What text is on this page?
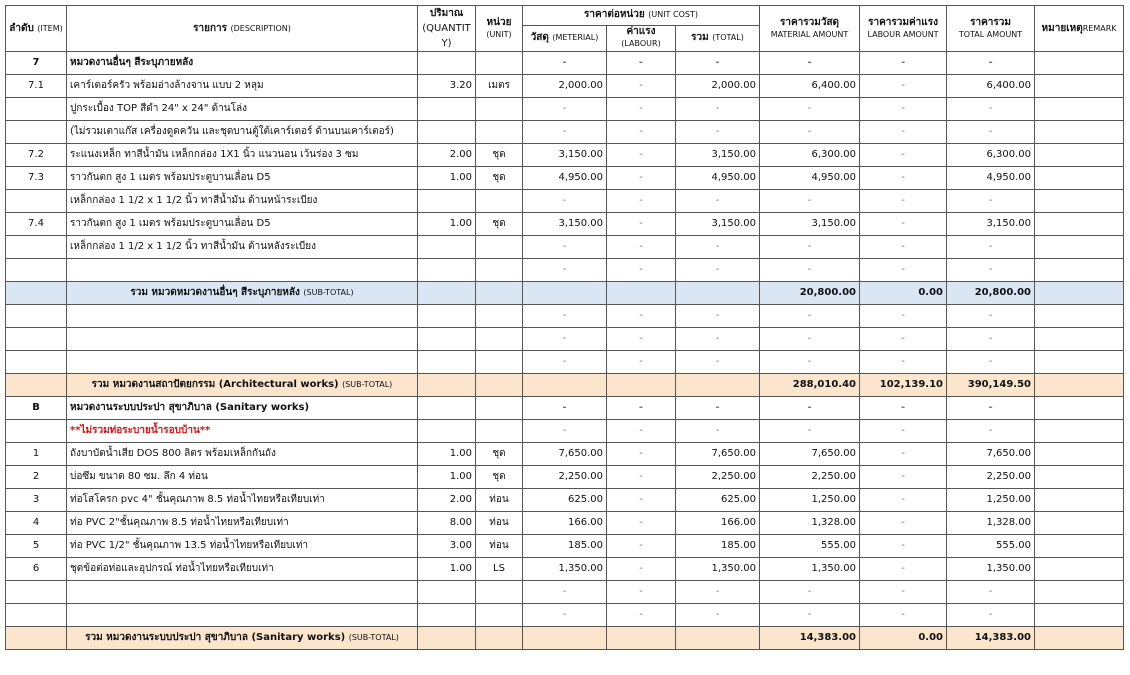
ลำดับ (ITEM)	รายการ (DESCRIPTION)	ปริมาณ
(QUANTIT
Y)	หน่วย
(UNIT)	ราคาต่อหน่วย (UNIT COST)			ราคารวมวัสดุ
MATERIAL AMOUNT	ราคารวมค่าแรง
LABOUR AMOUNT	ราคารวม
TOTAL AMOUNT	หมายเหตุREMARK
				วัสดุ (METERIAL)	ค่าแรง
(LABOUR)	รวม (TOTAL)				
7	หมวดงานอื่นๆ สีระบุภายหลัง			-	-	-	-	-	-	
7.1	เคาร์เตอร์ครัว พร้อมอ่างล้างจาน แบบ 2 หลุม	3.20	เมตร	2,000.00	-	2,000.00	6,400.00	-	6,400.00	
	ปูกระเบื้อง TOP สีดำ 24" x 24" ด้านโล่ง			-	-	-	-	-	-	
	(ไม่รวมเตาแก๊ส เครื่องดูดควัน และชุดบานตู้ใต้เคาร์เตอร์ ด้านบนเคาร์เตอร์)			-	-	-	-	-	-	
7.2	ระแนงเหล็ก ทาสีน้ำมัน เหล็กกล่อง 1X1 นิ้ว แนวนอน เว้นร่อง 3 ซม	2.00	ชุด	3,150.00	-	3,150.00	6,300.00	-	6,300.00	
7.3	ราวกันตก สูง 1 เมตร พร้อมประตูบานเลื่อน D5	1.00	ชุด	4,950.00	-	4,950.00	4,950.00	-	4,950.00	
	เหล็กกล่อง 1 1/2 x 1 1/2 นิ้ว ทาสีน้ำมัน ด้านหน้าระเบียง			-	-	-	-	-	-	
7.4	ราวกันตก สูง 1 เมตร พร้อมประตูบานเลื่อน D5	1.00	ชุด	3,150.00	-	3,150.00	3,150.00	-	3,150.00	
	เหล็กกล่อง 1 1/2 x 1 1/2 นิ้ว ทาสีน้ำมัน ด้านหลังระเบียง			-	-	-	-	-	-	
				-	-	-	-	-	-	
	รวม หมวดหมวดงานอื่นๆ สีระบุภายหลัง (SUB-TOTAL)						20,800.00	0.00	20,800.00	
				-	-	-	-	-	-	
				-	-	-	-	-	-	
				-	-	-	-	-	-	
	รวม หมวดงานสถาปัตยกรรม (Architectural works) (SUB-TOTAL)						288,010.40	102,139.10	390,149.50	
B	หมวดงานระบบประปา สุขาภิบาล (Sanitary works)			-	-	-	-	-	-	
	**ไม่รวมท่อระบายน้ำรอบบ้าน**			-	-	-	-	-	-	
1	ถังบาบัดน้ำเสีย DOS 800 ลิตร พร้อมเหล็กกันถัง	1.00	ชุด	7,650.00	-	7,650.00	7,650.00	-	7,650.00	
2	บ่อซึม ขนาด 80 ซม. ลึก 4 ท่อน	1.00	ชุด	2,250.00	-	2,250.00	2,250.00	-	2,250.00	
3	ท่อโสโครก pvc 4" ชั้นคุณภาพ 8.5 ท่อน้ำไทยหรือเทียบเท่า	2.00	ท่อน	625.00	-	625.00	1,250.00	-	1,250.00	
4	ท่อ PVC 2"ชั้นคุณภาพ 8.5 ท่อน้ำไทยหรือเทียบเท่า	8.00	ท่อน	166.00	-	166.00	1,328.00	-	1,328.00	
5	ท่อ PVC 1/2" ชั้นคุณภาพ 13.5 ท่อน้ำไทยหรือเทียบเท่า	3.00	ท่อน	185.00	-	185.00	555.00	-	555.00	
6	ชุดข้อต่อท่อและอุปกรณ์ ท่อน้ำไทยหรือเทียบเท่า	1.00	LS	1,350.00	-	1,350.00	1,350.00	-	1,350.00	
				-	-	-	-	-	-	
				-	-	-	-	-	-	
	รวม หมวดงานระบบประปา สุขาภิบาล (Sanitary works) (SUB-TOTAL)						14,383.00	0.00	14,383.00	
